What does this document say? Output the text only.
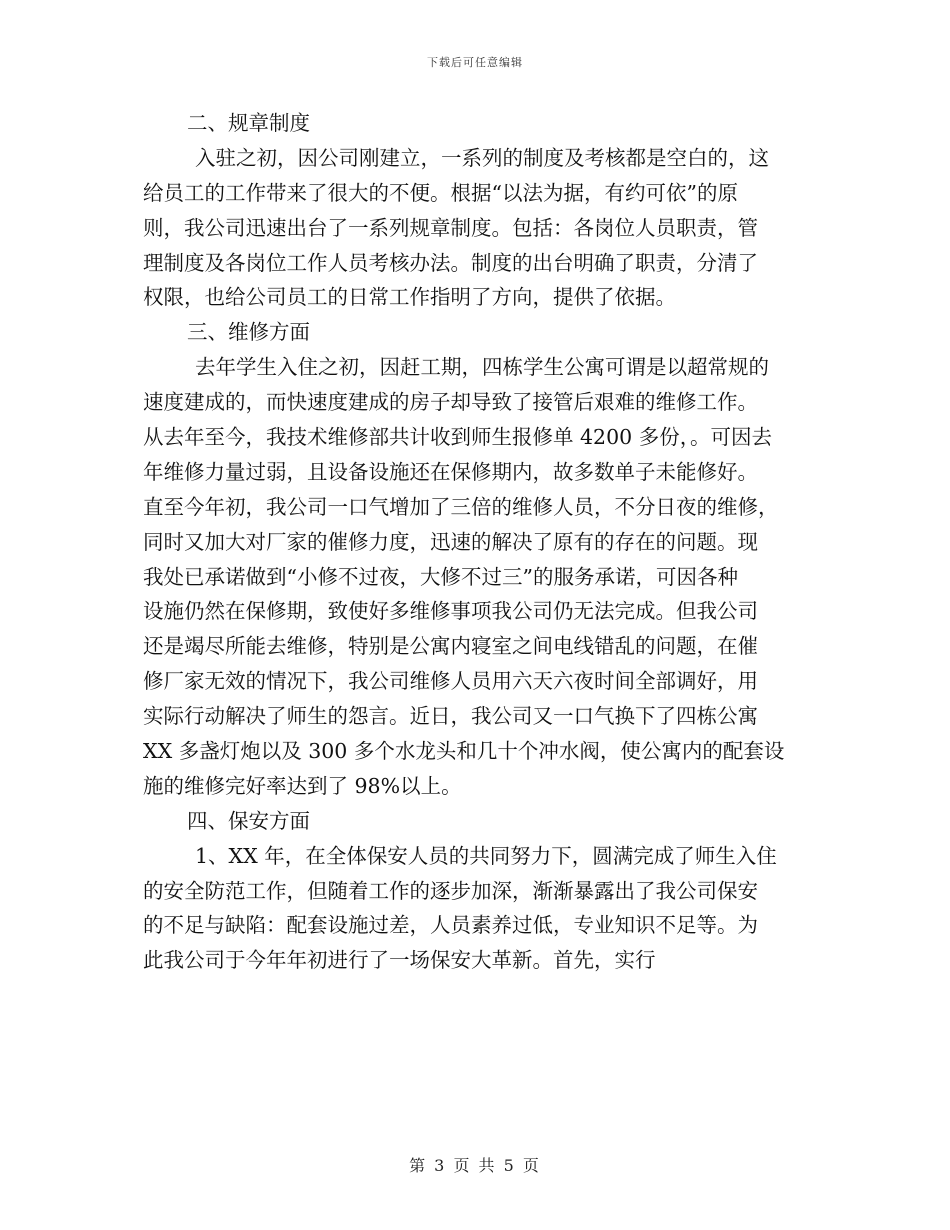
下载后可任意编辑
二、规章制度
入驻之初，因公司刚建立，一系列的制度及考核都是空白的，这
给员工的工作带来了很大的不便。根据“以法为据，有约可依”的原
则，我公司迅速出台了一系列规章制度。包括：各岗位人员职责，管
理制度及各岗位工作人员考核办法。制度的出台明确了职责，分清了
权限，也给公司员工的日常工作指明了方向，提供了依据。
三、维修方面
去年学生入住之初，因赶工期，四栋学生公寓可谓是以超常规的
速度建成的，而快速度建成的房子却导致了接管后艰难的维修工作。
从去年至今，我技术维修部共计收到师生报修单 4200 多份，。可因去
年维修力量过弱，且设备设施还在保修期内，故多数单子未能修好。
直至今年初，我公司一口气增加了三倍的维修人员，不分日夜的维修，
同时又加大对厂家的催修力度，迅速的解决了原有的存在的问题。现
我处已承诺做到“小修不过夜，大修不过三”的服务承诺，可因各种
设施仍然在保修期，致使好多维修事项我公司仍无法完成。但我公司
还是竭尽所能去维修，特别是公寓内寝室之间电线错乱的问题，在催
修厂家无效的情况下，我公司维修人员用六天六夜时间全部调好，用
实际行动解决了师生的怨言。近日，我公司又一口气换下了四栋公寓
XX 多盏灯炮以及 300 多个水龙头和几十个冲水阀，使公寓内的配套设
施的维修完好率达到了 98%以上。
四、保安方面
1、XX 年，在全体保安人员的共同努力下，圆满完成了师生入住
的安全防范工作，但随着工作的逐步加深，渐渐暴露出了我公司保安
的不足与缺陷：配套设施过差，人员素养过低，专业知识不足等。为
此我公司于今年年初进行了一场保安大革新。首先，实行
第 3 页 共 5 页
